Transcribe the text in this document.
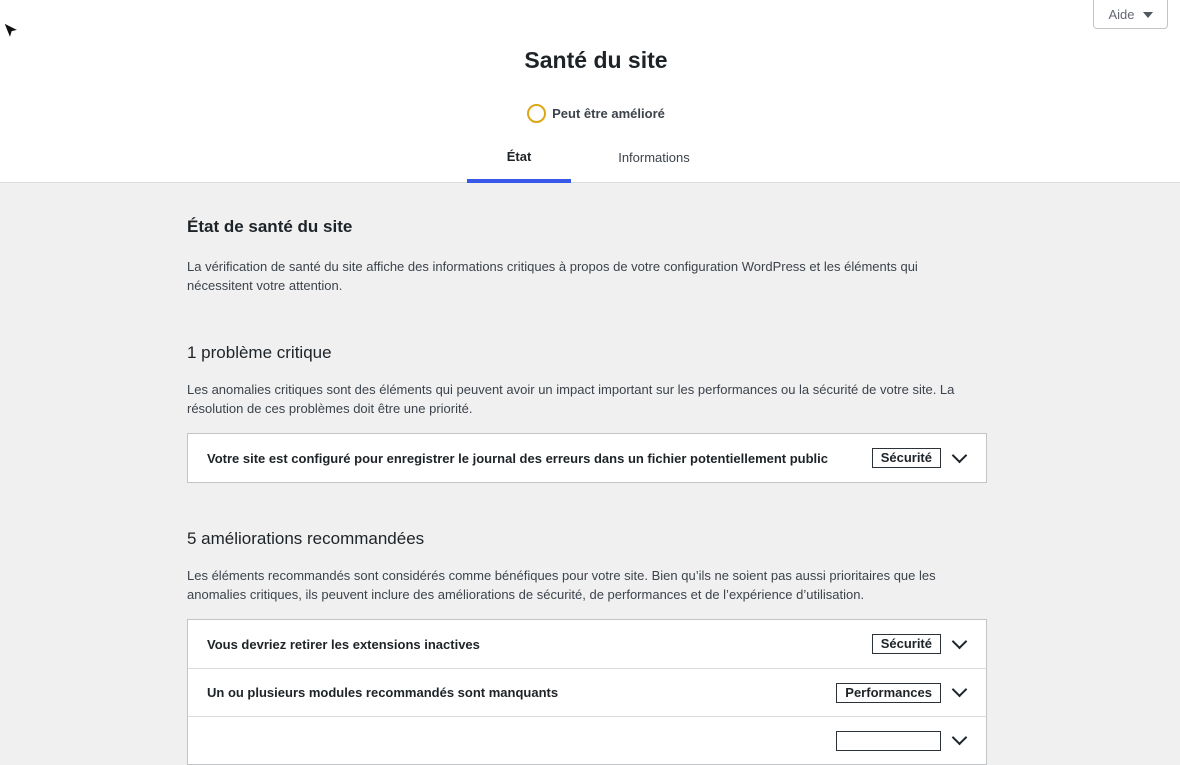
Aide
Santé du site
Peut être amélioré
État	Informations
État de santé du site

La vérification de santé du site affiche des informations critiques à propos de votre configuration WordPress et les éléments qui nécessitent votre attention.

1 problème critique

Les anomalies critiques sont des éléments qui peuvent avoir un impact important sur les performances ou la sécurité de votre site. La résolution de ces problèmes doit être une priorité.

Votre site est configuré pour enregistrer le journal des erreurs dans un fichier potentiellement public	Sécurité
5 améliorations recommandées

Les éléments recommandés sont considérés comme bénéfiques pour votre site. Bien qu’ils ne soient pas aussi prioritaires que les anomalies critiques, ils peuvent inclure des améliorations de sécurité, de performances et de l’expérience d’utilisation.

Vous devriez retirer les extensions inactives	Sécurité
Un ou plusieurs modules recommandés sont manquants	Performances
